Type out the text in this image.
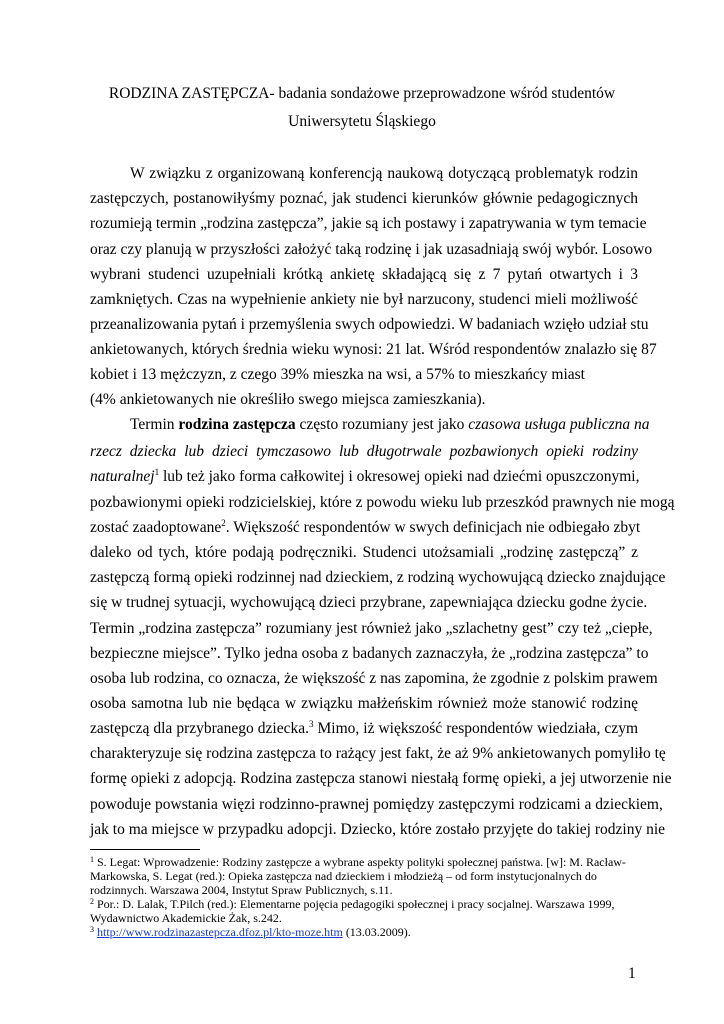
RODZINA ZASTĘPCZA- badania sondażowe przeprowadzone wśród studentów
Uniwersytetu Śląskiego
W związku z organizowaną konferencją naukową dotyczącą problematyk rodzin
zastępczych, postanowiłyśmy poznać, jak studenci kierunków głównie pedagogicznych
rozumieją termin „rodzina zastępcza”, jakie są ich postawy i zapatrywania w tym temacie
oraz czy planują w przyszłości założyć taką rodzinę i jak uzasadniają swój wybór. Losowo
wybrani studenci uzupełniali krótką ankietę składającą się z 7 pytań otwartych i 3
zamkniętych. Czas na wypełnienie ankiety nie był narzucony, studenci mieli możliwość
przeanalizowania pytań i przemyślenia swych odpowiedzi. W badaniach wzięło udział stu
ankietowanych, których średnia wieku wynosi: 21 lat. Wśród respondentów znalazło się 87
kobiet i 13 mężczyzn, z czego 39% mieszka na wsi, a 57% to mieszkańcy miast
(4% ankietowanych nie określiło swego miejsca zamieszkania).
Termin rodzina zastępcza często rozumiany jest jako czasowa usługa publiczna na
rzecz dziecka lub dzieci tymczasowo lub długotrwale pozbawionych opieki rodziny
naturalnej$^1$ lub też jako forma całkowitej i okresowej opieki nad dziećmi opuszczonymi,
pozbawionymi opieki rodzicielskiej, które z powodu wieku lub przeszkód prawnych nie mogą
zostać zaadoptowane$^2$. Większość respondentów w swych definicjach nie odbiegało zbyt
daleko od tych, które podają podręczniki. Studenci utożsamiali „rodzinę zastępczą” z
zastępczą formą opieki rodzinnej nad dzieckiem, z rodziną wychowującą dziecko znajdujące
się w trudnej sytuacji, wychowującą dzieci przybrane, zapewniająca dziecku godne życie.
Termin „rodzina zastępcza” rozumiany jest również jako „szlachetny gest” czy też „ciepłe,
bezpieczne miejsce”. Tylko jedna osoba z badanych zaznaczyła, że „rodzina zastępcza” to
osoba lub rodzina, co oznacza, że większość z nas zapomina, że zgodnie z polskim prawem
osoba samotna lub nie będąca w związku małżeńskim również może stanowić rodzinę
zastępczą dla przybranego dziecka.$^3$ Mimo, iż większość respondentów wiedziała, czym
charakteryzuje się rodzina zastępcza to rażący jest fakt, że aż 9% ankietowanych pomyliło tę
formę opieki z adopcją. Rodzina zastępcza stanowi niestałą formę opieki, a jej utworzenie nie
powoduje powstania więzi rodzinno-prawnej pomiędzy zastępczymi rodzicami a dzieckiem,
jak to ma miejsce w przypadku adopcji. Dziecko, które zostało przyjęte do takiej rodziny nie
$^1$ S. Legat: Wprowadzenie: Rodziny zastępcze a wybrane aspekty polityki społecznej państwa. [w]: M. Racław-
Markowska, S. Legat (red.): Opieka zastępcza nad dzieckiem i młodzieżą – od form instytucjonalnych do
rodzinnych. Warszawa 2004, Instytut Spraw Publicznych, s.11.
$^2$ Por.: D. Lalak, T.Pilch (red.): Elementarne pojęcia pedagogiki społecznej i pracy socjalnej. Warszawa 1999,
Wydawnictwo Akademickie Żak, s.242.
$^3$ http://www.rodzinazastepcza.dfoz.pl/kto-moze.htm (13.03.2009).
1
